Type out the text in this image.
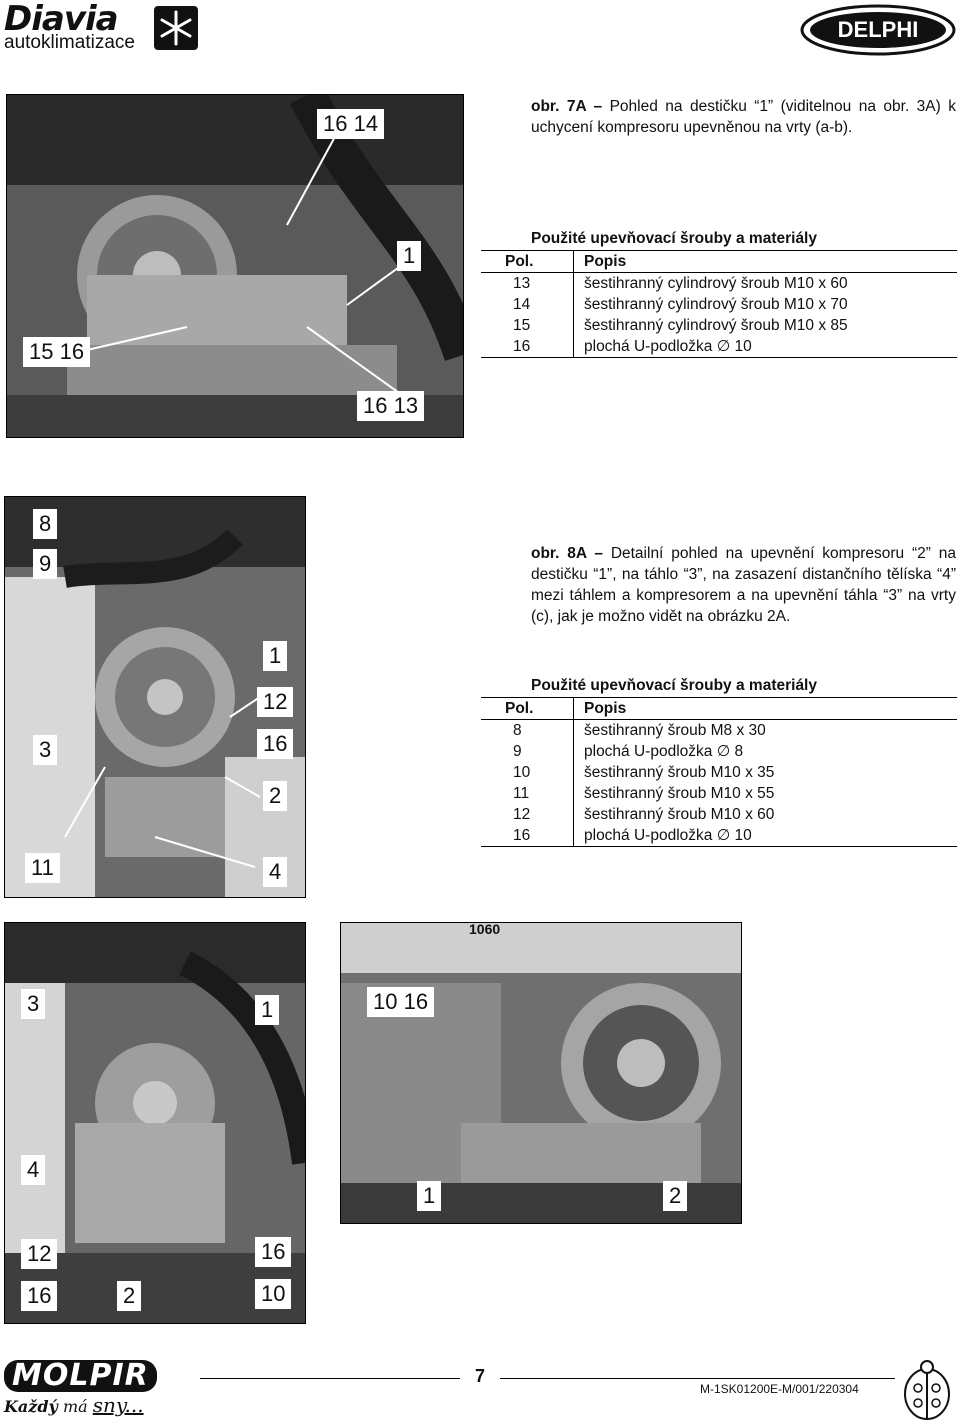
Diavia
autoklimatizace
DELPHI
16 14
1
15 16
16 13
obr. 7A – Pohled na destičku “1” (viditelnou na obr. 3A) k uchycení kompresoru upevněnou na vrty (a-b).
Použité upevňovací šrouby a materiály
Pol.	Popis
13	šestihranný cylindrový šroub M10 x 60
14	šestihranný cylindrový šroub M10 x 70
15	šestihranný cylindrový šroub M10 x 85
16	plochá U-podložka ∅ 10
8
9
1
12
3	16
2
11	4
obr. 8A – Detailní pohled na upevnění kompresoru “2” na destičku “1”, na táhlo “3”, na zasazení distančního tělíska “4” mezi táhlem a kompresorem a na upevnění táhla “3” na vrty (c), jak je možno vidět na obrázku 2A.
Použité upevňovací šrouby a materiály
Pol.	Popis
8	šestihranný šroub M8 x 30
9	plochá U-podložka ∅ 8
10	šestihranný šroub M10 x 35
11	šestihranný šroub M10 x 55
12	šestihranný šroub M10 x 60
16	plochá U-podložka ∅ 10
3	1
4
12	16
16	2	10
1060
10 16
1	2
MOLPIR
Každý má sny...
7
M-1SK01200E-M/001/220304
